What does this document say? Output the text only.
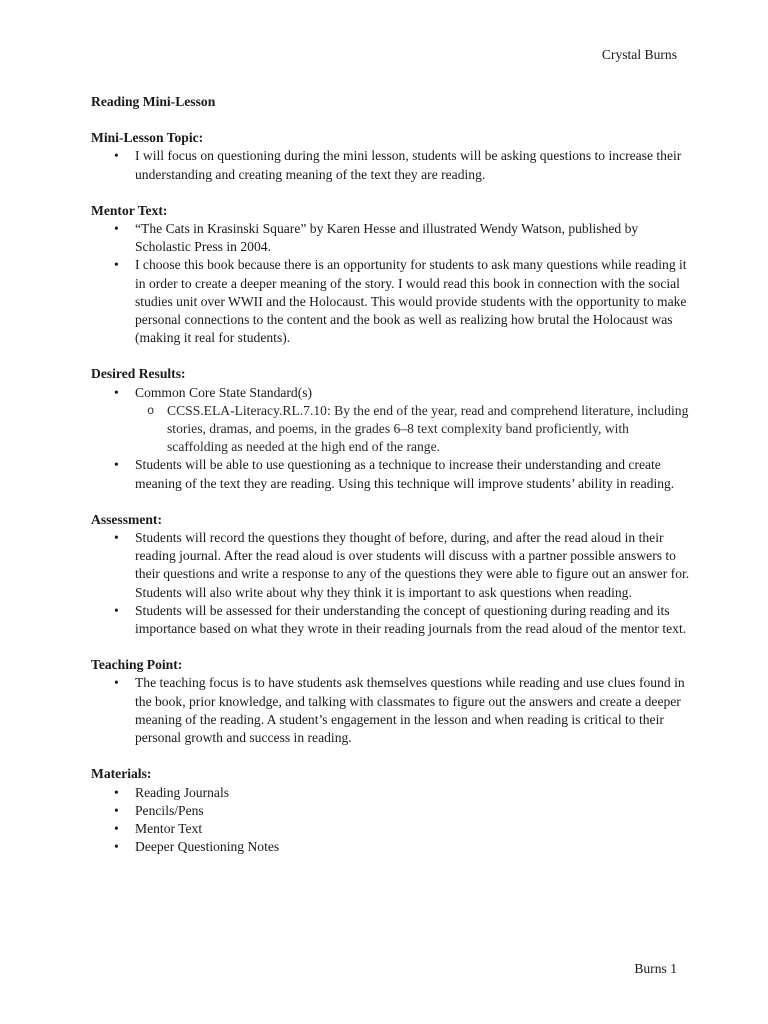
Crystal Burns

Reading Mini-Lesson

Mini-Lesson Topic:

• I will focus on questioning during the mini lesson, students will be asking questions to increase their understanding and creating meaning of the text they are reading.

Mentor Text:

• “The Cats in Krasinski Square” by Karen Hesse and illustrated Wendy Watson, published by Scholastic Press in 2004.
• I choose this book because there is an opportunity for students to ask many questions while reading it in order to create a deeper meaning of the story. I would read this book in connection with the social studies unit over WWII and the Holocaust. This would provide students with the opportunity to make personal connections to the content and the book as well as realizing how brutal the Holocaust was (making it real for students).

Desired Results:

• Common Core State Standard(s)
o CCSS.ELA-Literacy.RL.7.10: By the end of the year, read and comprehend literature, including stories, dramas, and poems, in the grades 6–8 text complexity band proficiently, with scaffolding as needed at the high end of the range.
• Students will be able to use questioning as a technique to increase their understanding and create meaning of the text they are reading. Using this technique will improve students’ ability in reading.

Assessment:

• Students will record the questions they thought of before, during, and after the read aloud in their reading journal. After the read aloud is over students will discuss with a partner possible answers to their questions and write a response to any of the questions they were able to figure out an answer for. Students will also write about why they think it is important to ask questions when reading.
• Students will be assessed for their understanding the concept of questioning during reading and its importance based on what they wrote in their reading journals from the read aloud of the mentor text.

Teaching Point:

• The teaching focus is to have students ask themselves questions while reading and use clues found in the book, prior knowledge, and talking with classmates to figure out the answers and create a deeper meaning of the reading. A student’s engagement in the lesson and when reading is critical to their personal growth and success in reading.

Materials:

• Reading Journals
• Pencils/Pens
• Mentor Text
• Deeper Questioning Notes
Burns 1
